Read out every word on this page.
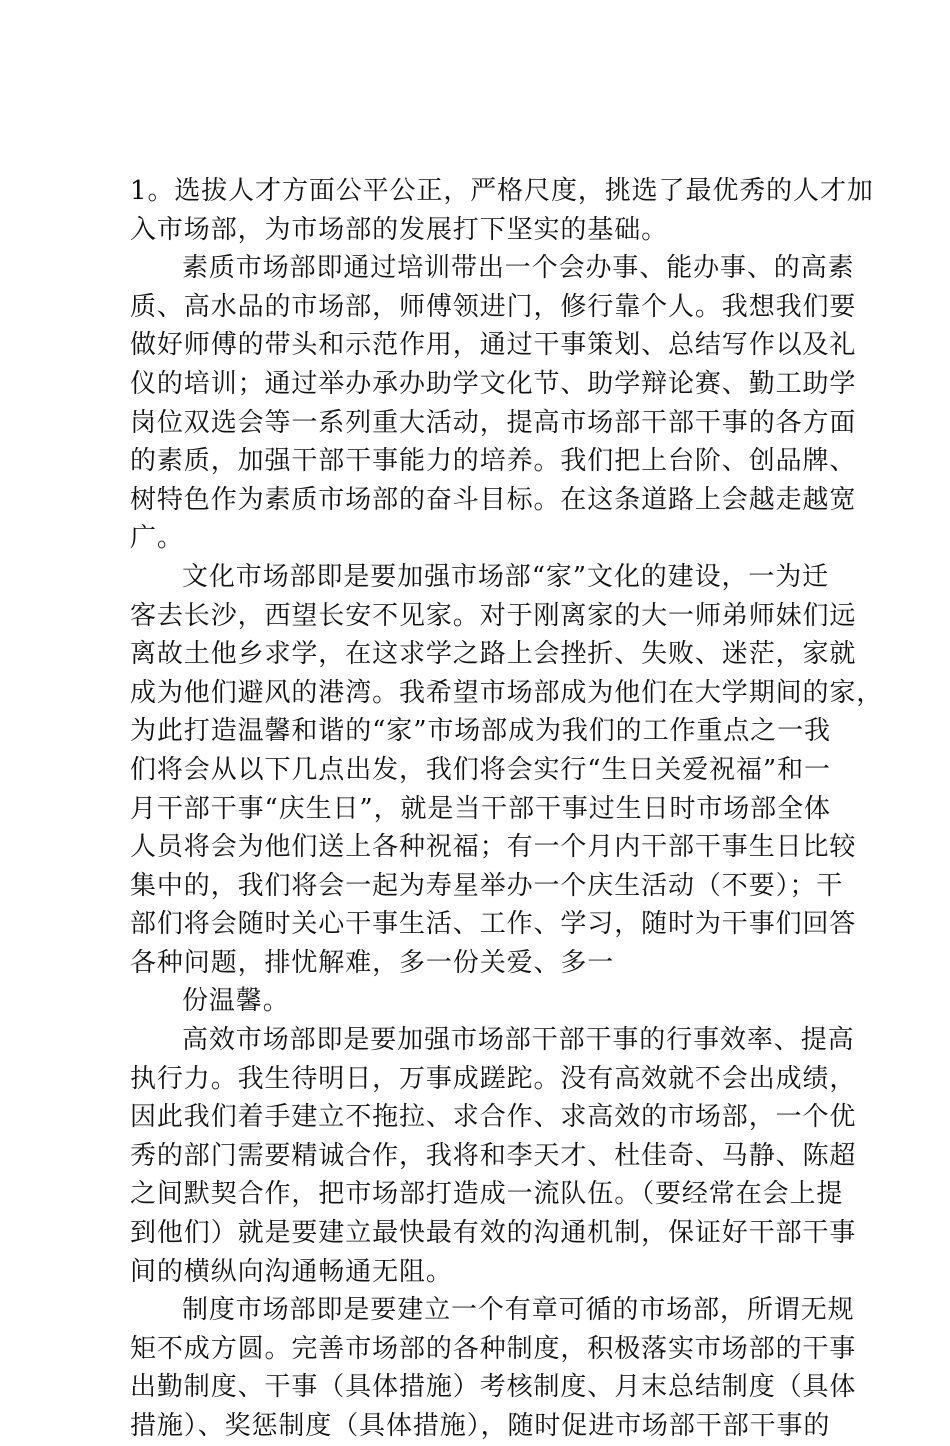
1。选拔人才方面公平公正，严格尺度，挑选了最优秀的人才加
入市场部，为市场部的发展打下坚实的基础。
素质市场部即通过培训带出一个会办事、能办事、的高素
质、高水品的市场部，师傅领进门，修行靠个人。我想我们要
做好师傅的带头和示范作用，通过干事策划、总结写作以及礼
仪的培训；通过举办承办助学文化节、助学辩论赛、勤工助学
岗位双选会等一系列重大活动，提高市场部干部干事的各方面
的素质，加强干部干事能力的培养。我们把上台阶、创品牌、
树特色作为素质市场部的奋斗目标。在这条道路上会越走越宽
广。
文化市场部即是要加强市场部“家”文化的建设，一为迁
客去长沙，西望长安不见家。对于刚离家的大一师弟师妹们远
离故土他乡求学，在这求学之路上会挫折、失败、迷茫，家就
成为他们避风的港湾。我希望市场部成为他们在大学期间的家，
为此打造温馨和谐的“家”市场部成为我们的工作重点之一我
们将会从以下几点出发，我们将会实行“生日关爱祝福”和一
月干部干事“庆生日”，就是当干部干事过生日时市场部全体
人员将会为他们送上各种祝福；有一个月内干部干事生日比较
集中的，我们将会一起为寿星举办一个庆生活动（不要）；干
部们将会随时关心干事生活、工作、学习，随时为干事们回答
各种问题，排忧解难，多一份关爱、多一
份温馨。
高效市场部即是要加强市场部干部干事的行事效率、提高
执行力。我生待明日，万事成蹉跎。没有高效就不会出成绩，
因此我们着手建立不拖拉、求合作、求高效的市场部，一个优
秀的部门需要精诚合作，我将和李天才、杜佳奇、马静、陈超
之间默契合作，把市场部打造成一流队伍。（要经常在会上提
到他们）就是要建立最快最有效的沟通机制，保证好干部干事
间的横纵向沟通畅通无阻。
制度市场部即是要建立一个有章可循的市场部，所谓无规
矩不成方圆。完善市场部的各种制度，积极落实市场部的干事
出勤制度、干事（具体措施）考核制度、月末总结制度（具体
措施）、奖惩制度（具体措施），随时促进市场部干部干事的
